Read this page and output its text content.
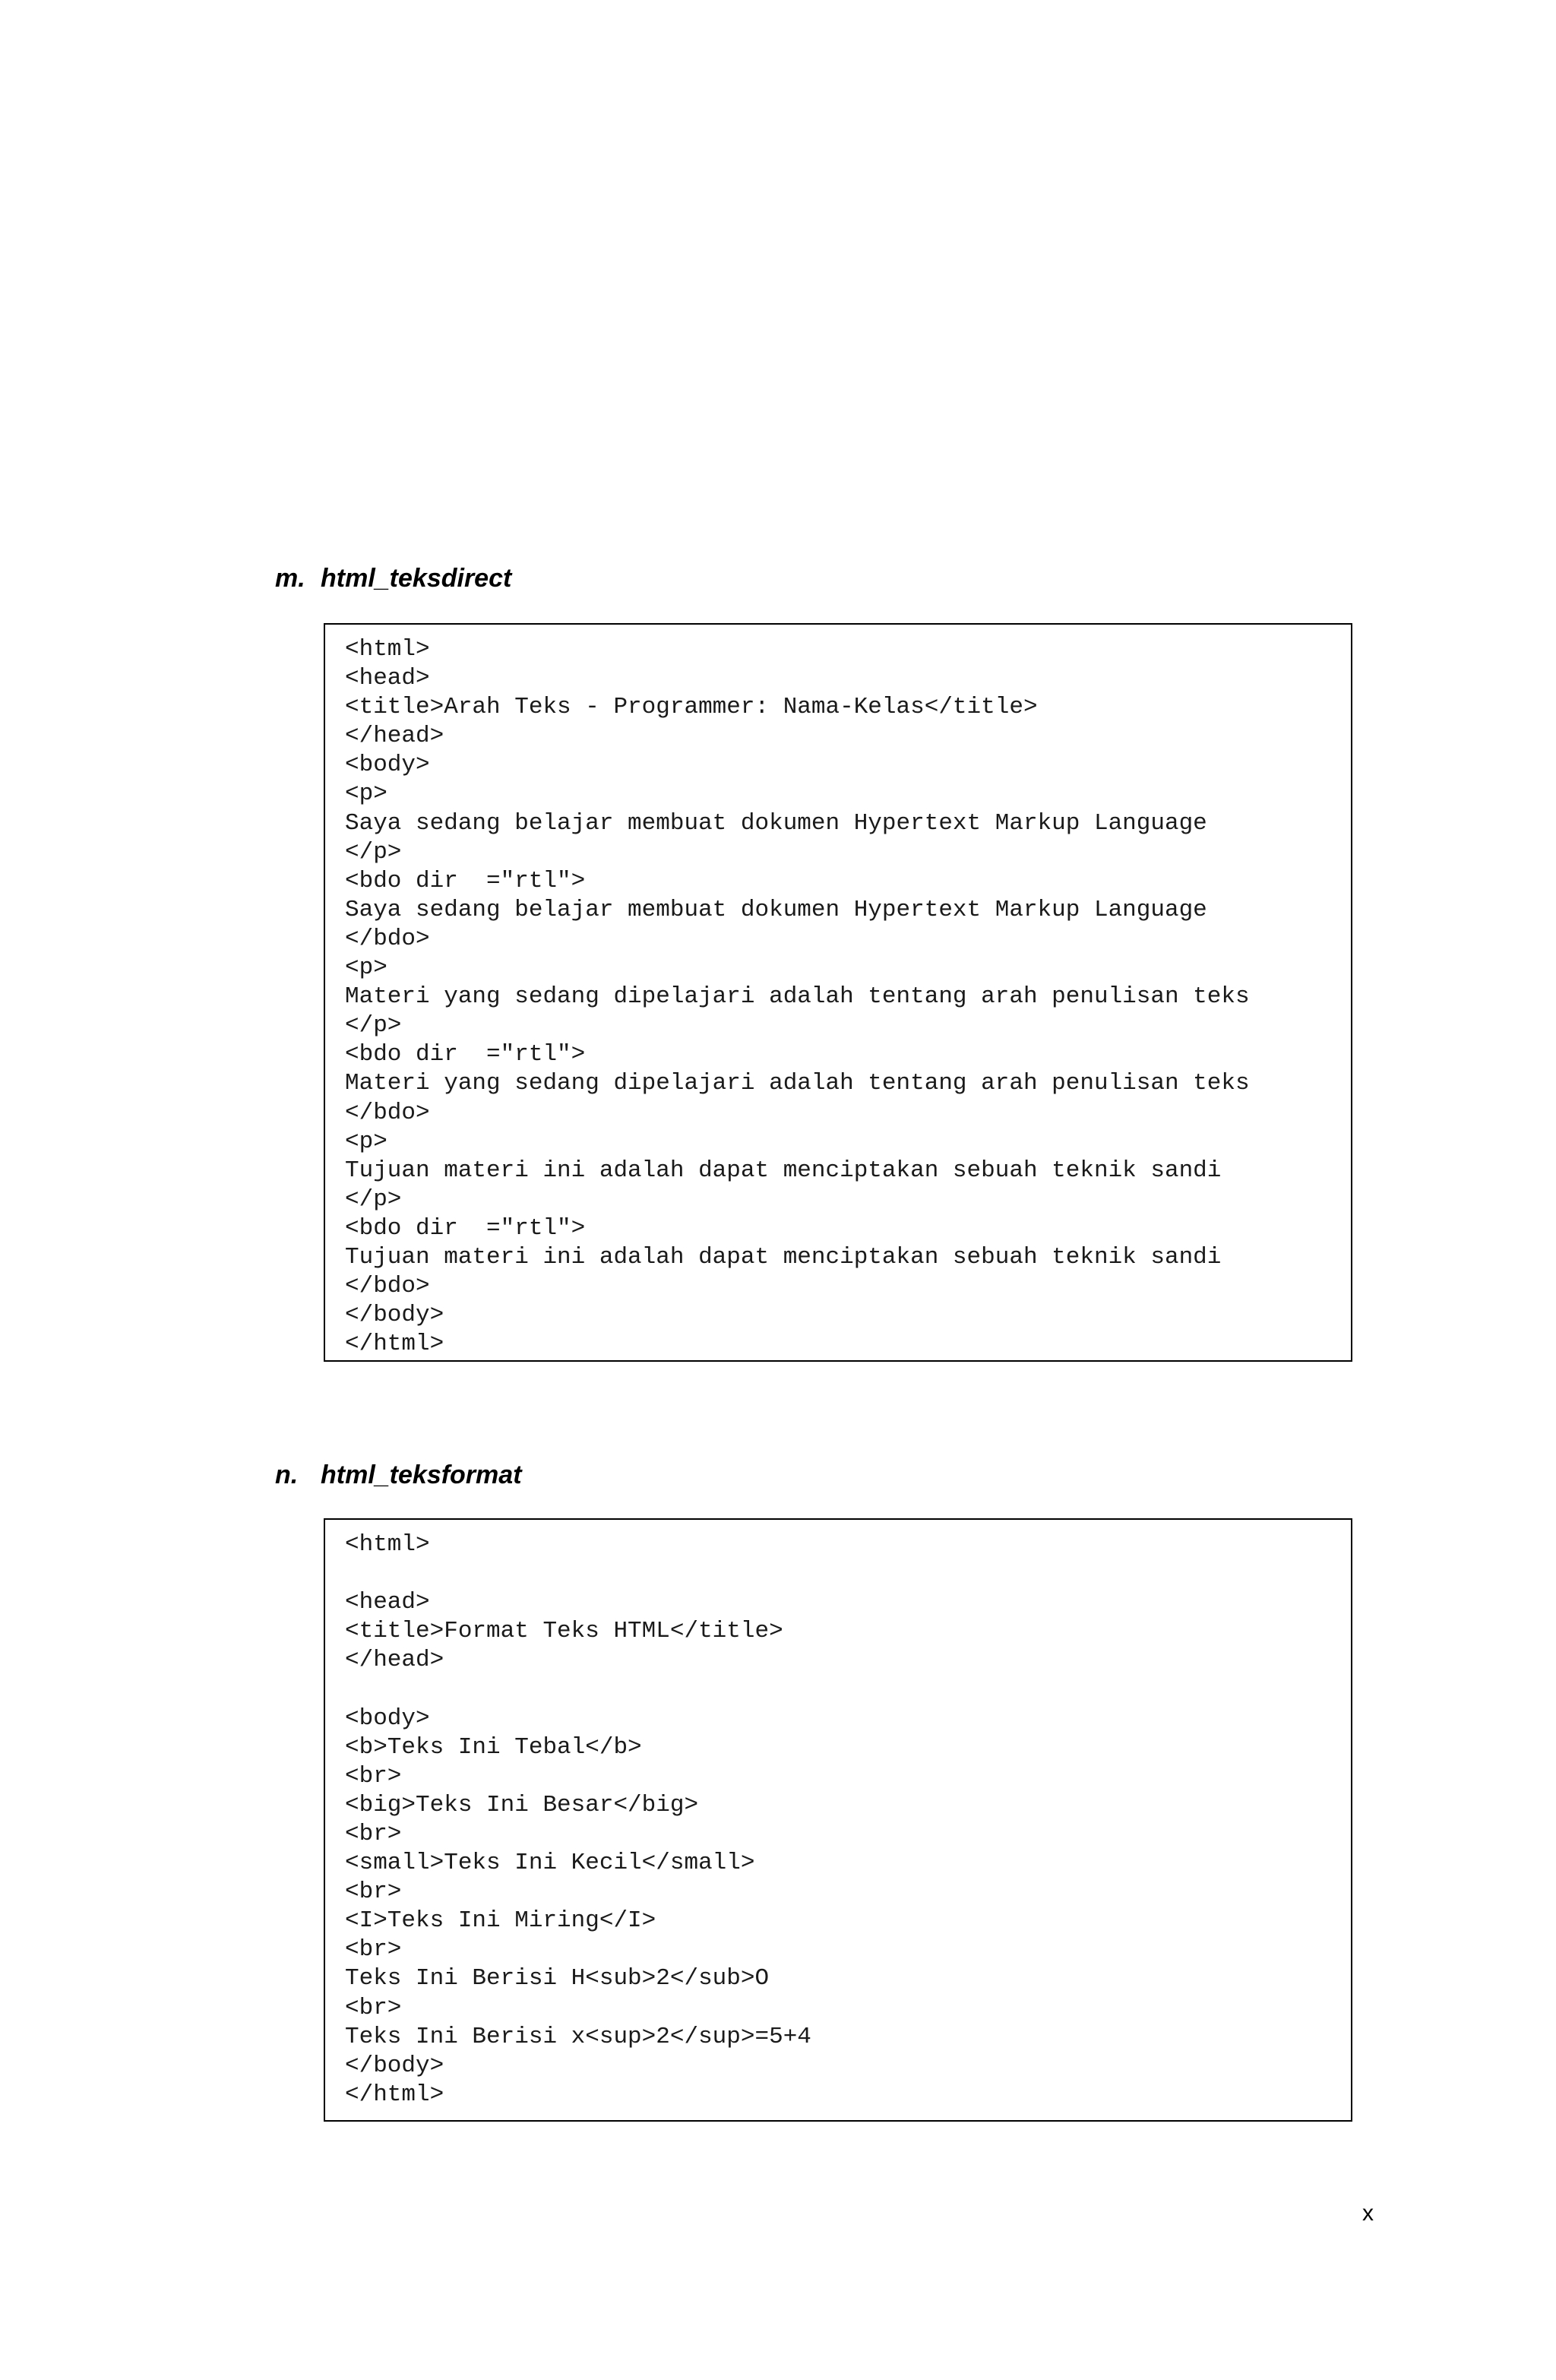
m. html_teksdirect
<html>
<head>
<title>Arah Teks - Programmer: Nama-Kelas</title>
</head>
<body>
<p>
Saya sedang belajar membuat dokumen Hypertext Markup Language
</p>
<bdo dir  ="rtl">
Saya sedang belajar membuat dokumen Hypertext Markup Language
</bdo>
<p>
Materi yang sedang dipelajari adalah tentang arah penulisan teks
</p>
<bdo dir  ="rtl">
Materi yang sedang dipelajari adalah tentang arah penulisan teks
</bdo>
<p>
Tujuan materi ini adalah dapat menciptakan sebuah teknik sandi
</p>
<bdo dir  ="rtl">
Tujuan materi ini adalah dapat menciptakan sebuah teknik sandi
</bdo>
</body>
</html>
n. html_teksformat
<html>
<head>
<title>Format Teks HTML</title>
</head>
<body>
<b>Teks Ini Tebal</b>
<br>
<big>Teks Ini Besar</big>
<br>
<small>Teks Ini Kecil</small>
<br>
<I>Teks Ini Miring</I>
<br>
Teks Ini Berisi H<sub>2</sub>O
<br>
Teks Ini Berisi x<sup>2</sup>=5+4
</body>
</html>
x
